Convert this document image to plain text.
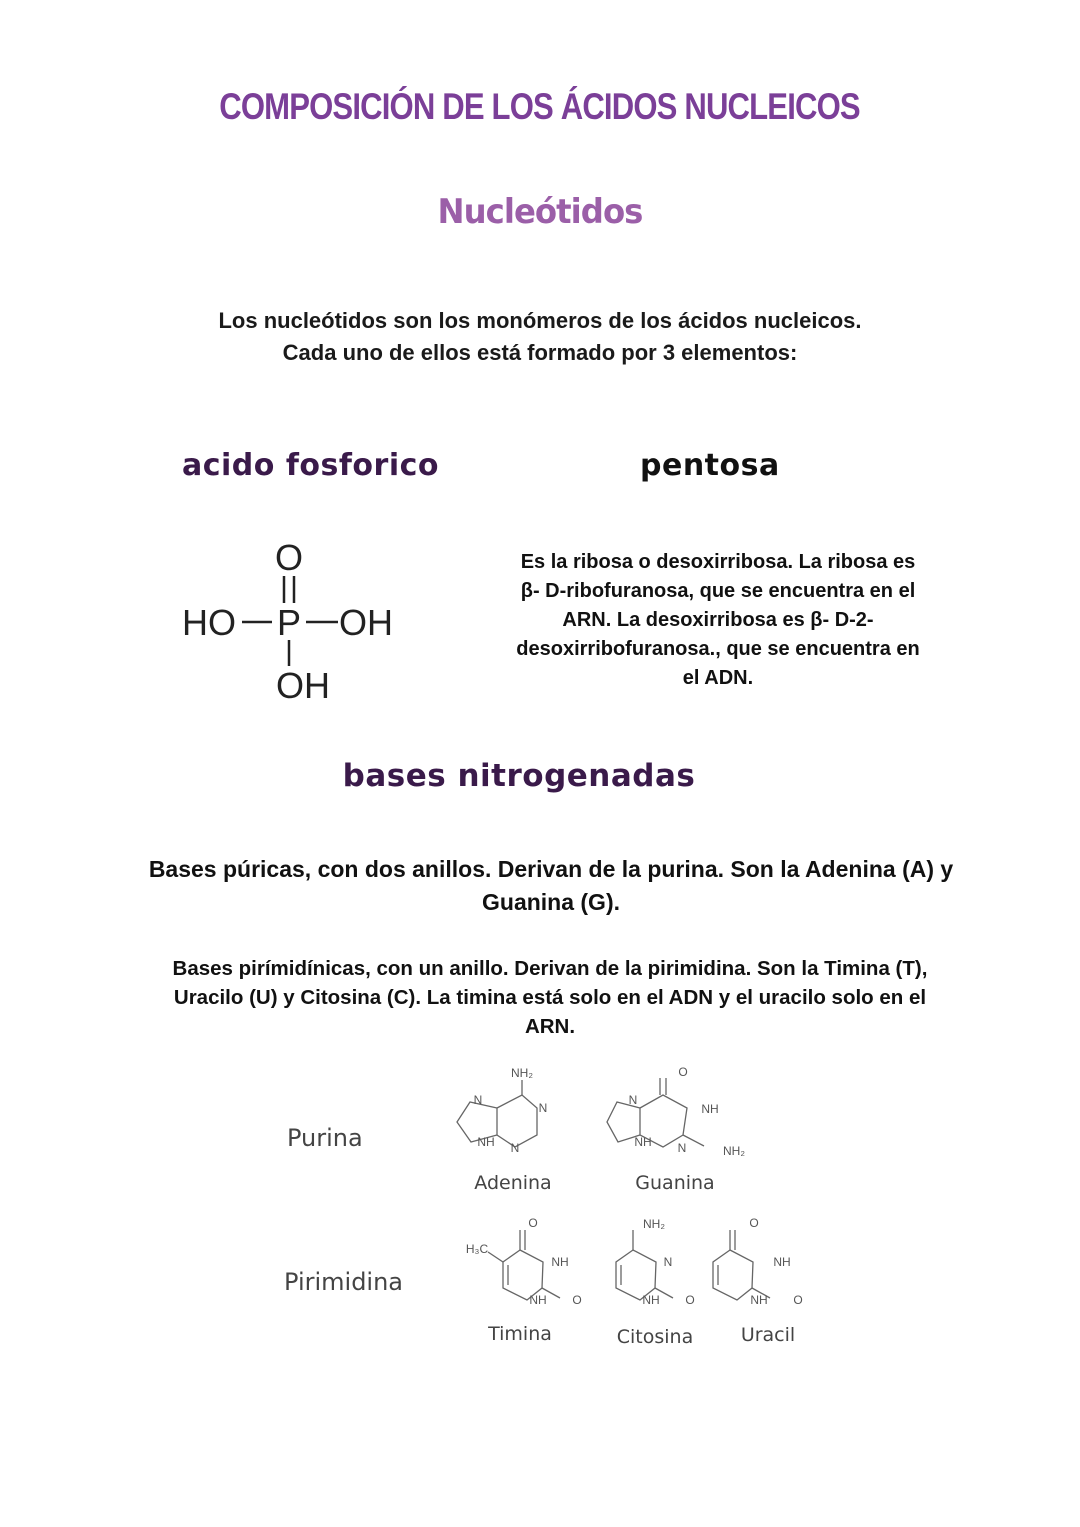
COMPOSICIÓN DE LOS ÁCIDOS NUCLEICOS
Nucleótidos
Los nucleótidos son los monómeros de los ácidos nucleicos.
Cada uno de ellos está formado por 3 elementos:
acido fosforico	pentosa
Es la ribosa o desoxirribosa. La ribosa es
β- D-ribofuranosa, que se encuentra en el
ARN. La desoxirribosa es β- D-2-
desoxirribofuranosa., que se encuentra en
el ADN.
bases nitrogenadas
Bases púricas, con dos anillos. Derivan de la purina. Son la Adenina (A) y
Guanina (G).
Bases pirímidínicas, con un anillo. Derivan de la pirimidina. Son la Timina (T),
Uracilo (U) y Citosina (C). La timina está solo en el ADN y el uracilo solo en el
ARN.
O
HO P OH
OH
Purina
Pirimidina
NH₂
N
N
N
NH
Adenina
O
NH
N	NH₂
N
NH
Guanina
O
H₃C
NH
NH O
Timina
NH₂
N
NH O
Citosina
O
NH
NH O
Uracil
